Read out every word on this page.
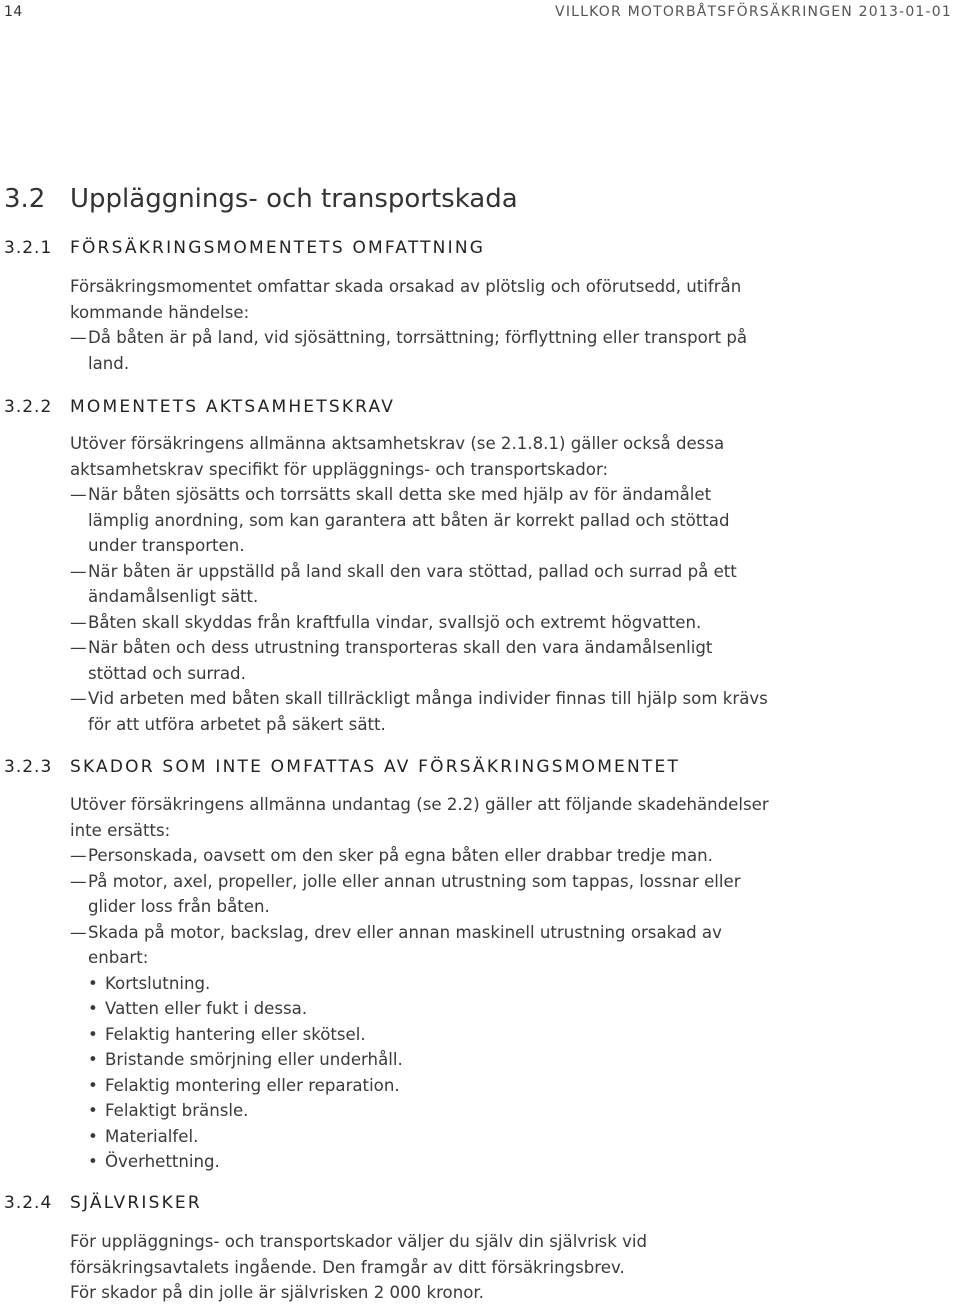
14	VILLKOR MOTORBÅTSFÖRSÄKRINGEN 2013-01-01
3.2 Uppläggnings- och transportskada
3.2.1 FÖRSÄKRINGSMOMENTETS OMFATTNING

Försäkringsmomentet omfattar skada orsakad av plötslig och oförutsedd, utifrån kommande händelse:

— Då båten är på land, vid sjösättning, torrsättning; förflyttning eller transport på land.

3.2.2 MOMENTETS AKTSAMHETSKRAV

Utöver försäkringens allmänna aktsamhetskrav (se 2.1.8.1) gäller också dessa aktsamhetskrav specifikt för uppläggnings- och transportskador:

— När båten sjösätts och torrsätts skall detta ske med hjälp av för ändamålet lämplig anordning, som kan garantera att båten är korrekt pallad och stöttad under transporten.

— När båten är uppställd på land skall den vara stöttad, pallad och surrad på ett ändamålsenligt sätt.

— Båten skall skyddas från kraftfulla vindar, svallsjö och extremt högvatten.

— När båten och dess utrustning transporteras skall den vara ändamålsenligt stöttad och surrad.

— Vid arbeten med båten skall tillräckligt många individer finnas till hjälp som krävs för att utföra arbetet på säkert sätt.

3.2.3 SKADOR SOM INTE OMFATTAS AV FÖRSÄKRINGSMOMENTET

Utöver försäkringens allmänna undantag (se 2.2) gäller att följande skadehändelser inte ersätts:

— Personskada, oavsett om den sker på egna båten eller drabbar tredje man.

— På motor, axel, propeller, jolle eller annan utrustning som tappas, lossnar eller glider loss från båten.

— Skada på motor, backslag, drev eller annan maskinell utrustning orsakad av enbart:

• Kortslutning.

• Vatten eller fukt i dessa.

• Felaktig hantering eller skötsel.

• Bristande smörjning eller underhåll.

• Felaktig montering eller reparation.

• Felaktigt bränsle.

• Materialfel.

• Överhettning.

3.2.4 SJÄLVRISKER

För uppläggnings- och transportskador väljer du själv din självrisk vid försäkringsavtalets ingående. Den framgår av ditt försäkringsbrev.

För skador på din jolle är självrisken 2 000 kronor.
